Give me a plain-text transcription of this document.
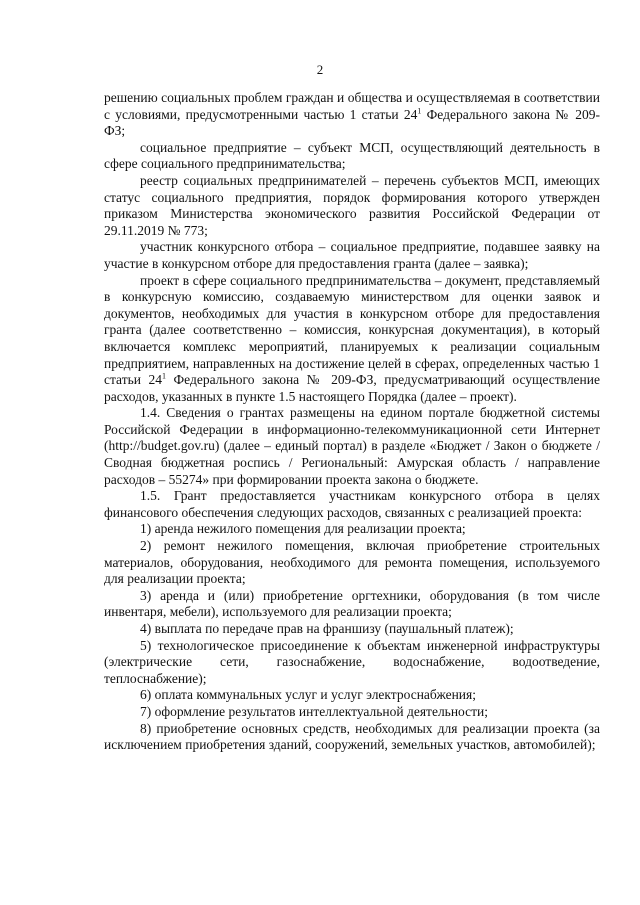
2

решению социальных проблем граждан и общества и осуществляемая в соответствии с условиями, предусмотренными частью 1 статьи $24^1$ Федерального закона № 209-ФЗ;

социальное предприятие – субъект МСП, осуществляющий деятельность в сфере социального предпринимательства;

реестр социальных предпринимателей – перечень субъектов МСП, имеющих статус социального предприятия, порядок формирования которого утвержден приказом Министерства экономического развития Российской Федерации от 29.11.2019 № 773;

участник конкурсного отбора – социальное предприятие, подавшее заявку на участие в конкурсном отборе для предоставления гранта (далее – заявка);

проект в сфере социального предпринимательства – документ, представляемый в конкурсную комиссию, создаваемую министерством для оценки заявок и документов, необходимых для участия в конкурсном отборе для предоставления гранта (далее соответственно – комиссия, конкурсная документация), в который включается комплекс мероприятий, планируемых к реализации социальным предприятием, направленных на достижение целей в сферах, определенных частью 1 статьи $24^1$ Федерального закона № 209-ФЗ, предусматривающий осуществление расходов, указанных в пункте 1.5 настоящего Порядка (далее – проект).

1.4. Сведения о грантах размещены на едином портале бюджетной системы Российской Федерации в информационно-телекоммуникационной сети Интернет (http://budget.gov.ru) (далее – единый портал) в разделе «Бюджет / Закон о бюджете / Сводная бюджетная роспись / Региональный: Амурская область / направление расходов – 55274» при формировании проекта закона о бюджете.

1.5. Грант предоставляется участникам конкурсного отбора в целях финансового обеспечения следующих расходов, связанных с реализацией проекта:

1) аренда нежилого помещения для реализации проекта;

2) ремонт нежилого помещения, включая приобретение строительных материалов, оборудования, необходимого для ремонта помещения, используемого для реализации проекта;

3) аренда и (или) приобретение оргтехники, оборудования (в том числе инвентаря, мебели), используемого для реализации проекта;

4) выплата по передаче прав на франшизу (паушальный платеж);

5) технологическое присоединение к объектам инженерной инфраструктуры (электрические сети, газоснабжение, водоснабжение, водоотведение, теплоснабжение);

6) оплата коммунальных услуг и услуг электроснабжения;

7) оформление результатов интеллектуальной деятельности;

8) приобретение основных средств, необходимых для реализации проекта (за исключением приобретения зданий, сооружений, земельных участков, автомобилей);
